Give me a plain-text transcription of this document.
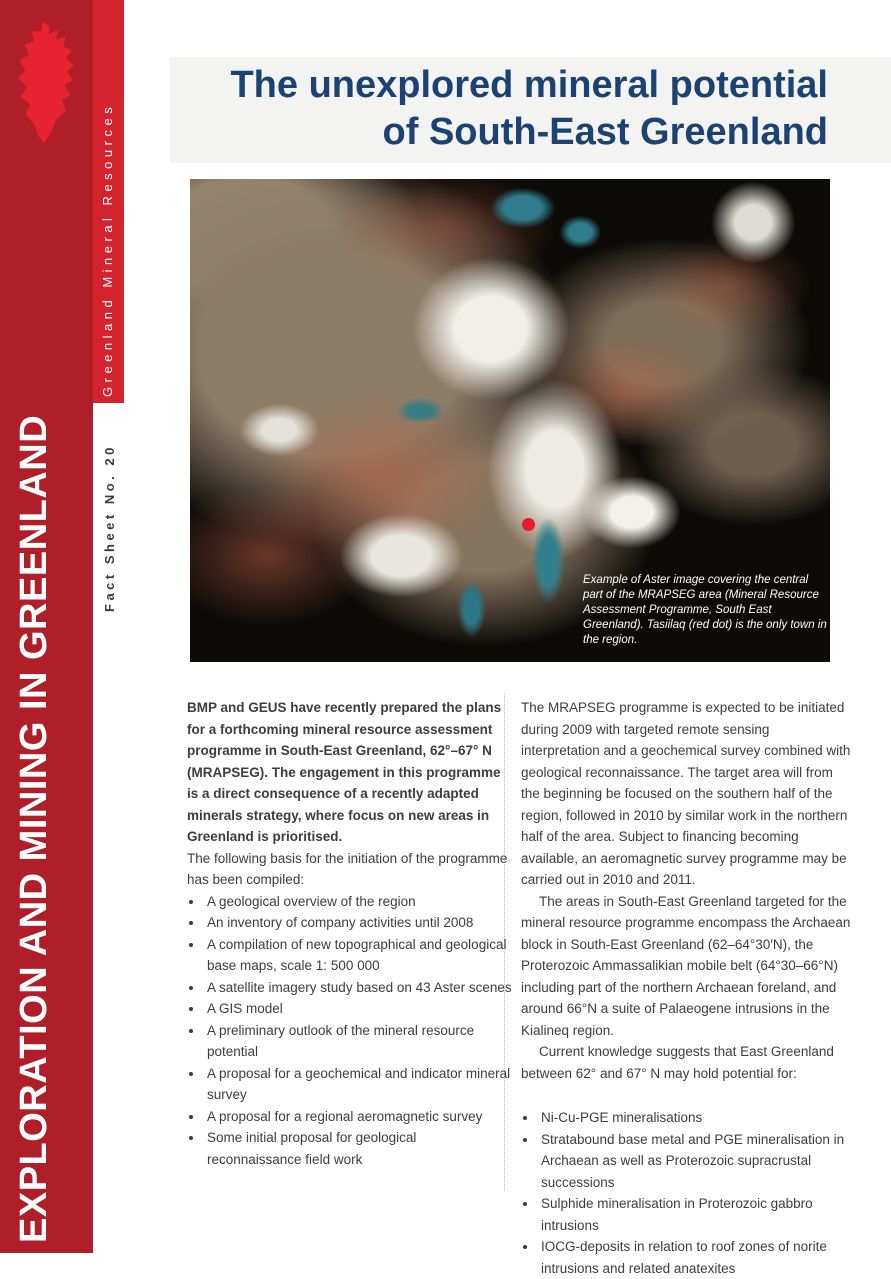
EXPLORATION AND MINING IN GREENLAND
Greenland Mineral Resources
Fact Sheet No. 20
The unexplored mineral potential
of South-East Greenland
Example of Aster image covering the central part of the MRAPSEG area (Mineral Resource Assessment Programme, South East Greenland). Tasiilaq (red dot) is the only town in the region.

BMP and GEUS have recently prepared the plans for a forthcoming mineral resource assessment programme in South-East Greenland, 62°–67° N (MRAPSEG). The engagement in this programme is a direct consequence of a recently adapted minerals strategy, where focus on new areas in Greenland is prioritised.

The following basis for the initiation of the programme has been compiled:

• A geological overview of the region
• An inventory of company activities until 2008
• A compilation of new topographical and geological base maps, scale 1: 500 000
• A satellite imagery study based on 43 Aster scenes
• A GIS model
• A preliminary outlook of the mineral resource potential
• A proposal for a geochemical and indicator mineral survey
• A proposal for a regional aeromagnetic survey
• Some initial proposal for geological reconnaissance field work

The MRAPSEG programme is expected to be initiated during 2009 with targeted remote sensing interpretation and a geochemical survey combined with geological reconnaissance. The target area will from the beginning be focused on the southern half of the region, followed in 2010 by similar work in the northern half of the area. Subject to financing becoming available, an aeromagnetic survey programme may be carried out in 2010 and 2011.

The areas in South-East Greenland targeted for the mineral resource programme encompass the Archaean block in South-East Greenland (62–64°30′N), the Proterozoic Ammassalikian mobile belt (64°30–66°N) including part of the northern Archaean foreland, and around 66°N a suite of Palaeogene intrusions in the Kialineq region.

Current knowledge suggests that East Greenland between 62° and 67° N may hold potential for:

• Ni-Cu-PGE mineralisations
• Stratabound base metal and PGE mineralisation in Archaean as well as Proterozoic supracrustal successions
• Sulphide mineralisation in Proterozoic gabbro intrusions
• IOCG-deposits in relation to roof zones of norite intrusions and related anatexites
